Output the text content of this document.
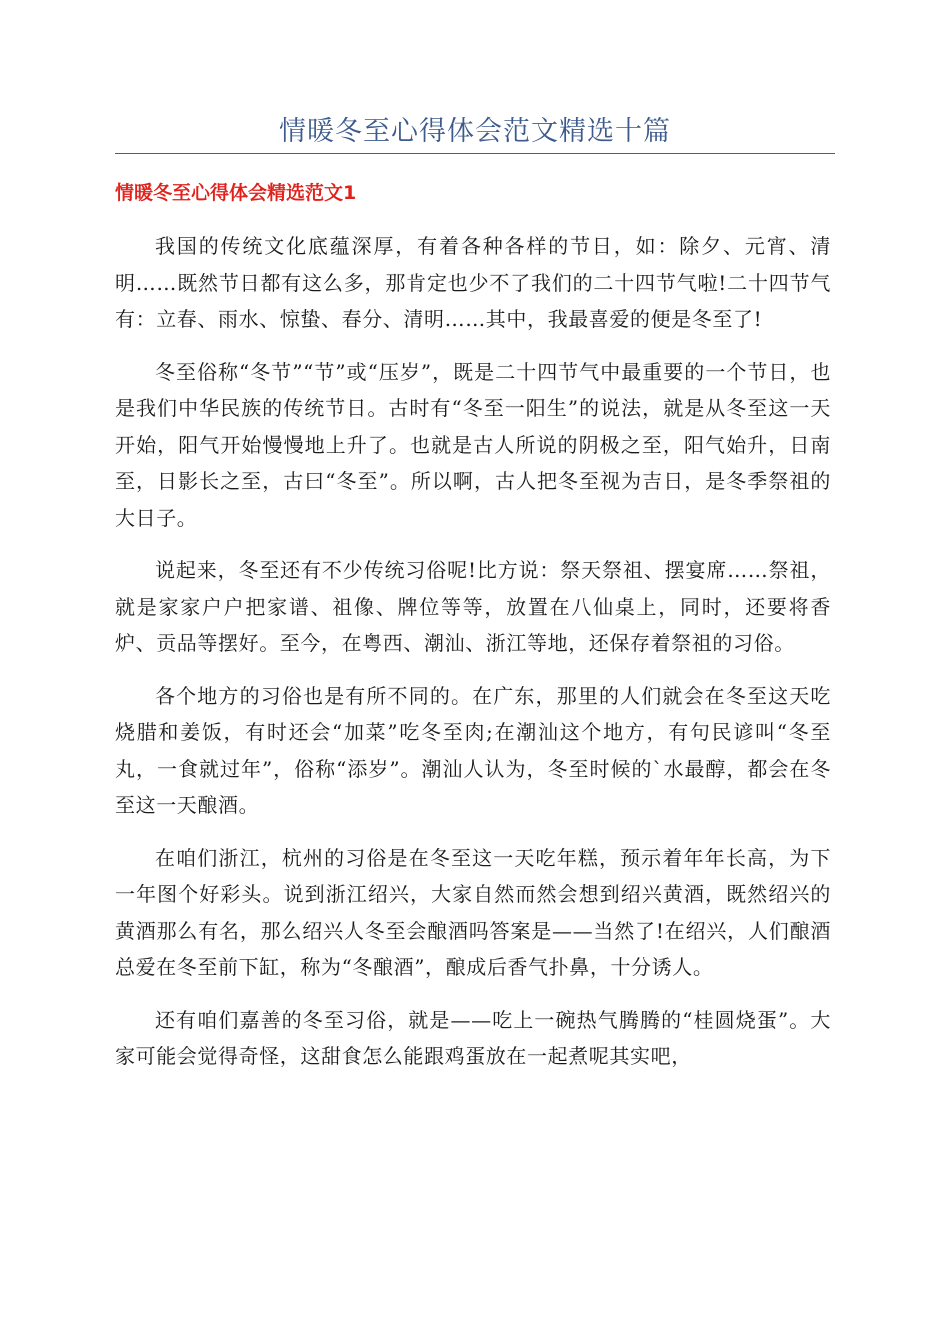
情暖冬至心得体会范文精选十篇
情暖冬至心得体会精选范文1

我国的传统文化底蕴深厚，有着各种各样的节日，如：除夕、元宵、清明……既然节日都有这么多，那肯定也少不了我们的二十四节气啦!二十四节气有：立春、雨水、惊蛰、春分、清明……其中，我最喜爱的便是冬至了!

冬至俗称“冬节”“节”或“压岁”，既是二十四节气中最重要的一个节日，也是我们中华民族的传统节日。古时有“冬至一阳生”的说法，就是从冬至这一天开始，阳气开始慢慢地上升了。也就是古人所说的阴极之至，阳气始升，日南至，日影长之至，古曰“冬至”。所以啊，古人把冬至视为吉日，是冬季祭祖的大日子。

说起来，冬至还有不少传统习俗呢!比方说：祭天祭祖、摆宴席……祭祖，就是家家户户把家谱、祖像、牌位等等，放置在八仙桌上，同时，还要将香炉、贡品等摆好。至今，在粤西、潮汕、浙江等地，还保存着祭祖的习俗。

各个地方的习俗也是有所不同的。在广东，那里的人们就会在冬至这天吃烧腊和姜饭，有时还会“加菜”吃冬至肉;在潮汕这个地方，有句民谚叫“冬至丸，一食就过年”，俗称“添岁”。潮汕人认为，冬至时候的`水最醇，都会在冬至这一天酿酒。

在咱们浙江，杭州的习俗是在冬至这一天吃年糕，预示着年年长高，为下一年图个好彩头。说到浙江绍兴，大家自然而然会想到绍兴黄酒，既然绍兴的黄酒那么有名，那么绍兴人冬至会酿酒吗答案是——当然了!在绍兴，人们酿酒总爱在冬至前下缸，称为“冬酿酒”，酿成后香气扑鼻，十分诱人。

还有咱们嘉善的冬至习俗，就是——吃上一碗热气腾腾的“桂圆烧蛋”。大家可能会觉得奇怪，这甜食怎么能跟鸡蛋放在一起煮呢其实吧，
